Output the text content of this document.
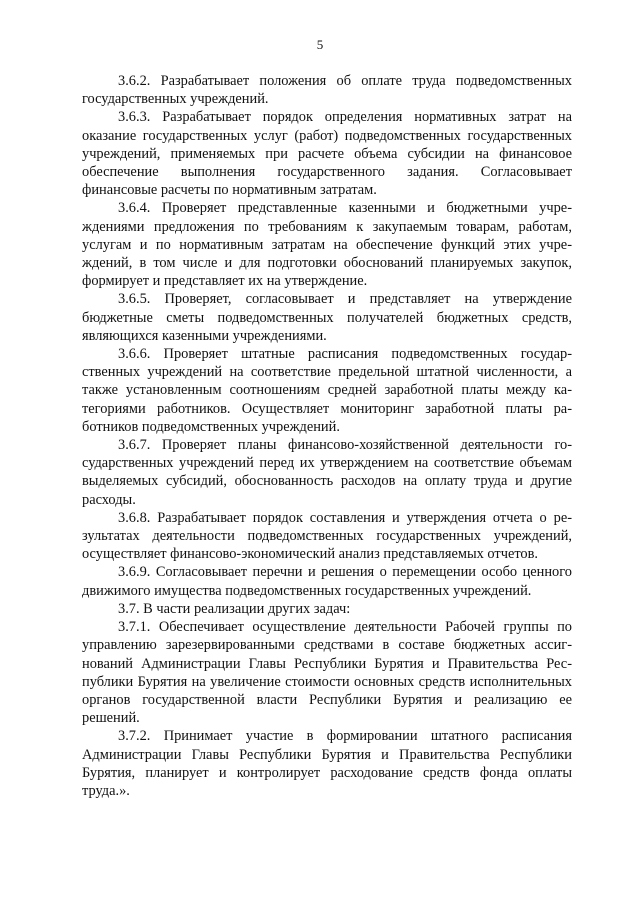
5

3.6.2. Разрабатывает положения об оплате труда подведомственных государственных учреждений.

3.6.3. Разрабатывает порядок определения нормативных затрат на оказание государственных услуг (работ) подведомственных государственных учреждений, применяемых при расчете объема субсидии на финансовое обеспечение выполнения государственного задания. Согласовывает финансовые расчеты по нормативным затратам.

3.6.4. Проверяет представленные казенными и бюджетными учреждениями предложения по требованиям к закупаемым товарам, работам, услугам и по нормативным затратам на обеспечение функций этих учреждений, в том числе и для подготовки обоснований планируемых закупок, формирует и представляет их на утверждение.

3.6.5. Проверяет, согласовывает и представляет на утверждение бюджетные сметы подведомственных получателей бюджетных средств, являющихся казенными учреждениями.

3.6.6. Проверяет штатные расписания подведомственных государственных учреждений на соответствие предельной штатной численности, а также установленным соотношениям средней заработной платы между категориями работников. Осуществляет мониторинг заработной платы работников подведомственных учреждений.

3.6.7. Проверяет планы финансово-хозяйственной деятельности государственных учреждений перед их утверждением на соответствие объемам выделяемых субсидий, обоснованность расходов на оплату труда и другие расходы.

3.6.8. Разрабатывает порядок составления и утверждения отчета о результатах деятельности подведомственных государственных учреждений, осуществляет финансово-экономический анализ представляемых отчетов.

3.6.9. Согласовывает перечни и решения о перемещении особо ценного движимого имущества подведомственных государственных учреждений.

3.7. В части реализации других задач:

3.7.1. Обеспечивает осуществление деятельности Рабочей группы по управлению зарезервированными средствами в составе бюджетных ассигнований Администрации Главы Республики Бурятия и Правительства Республики Бурятия на увеличение стоимости основных средств исполнительных органов государственной власти Республики Бурятия и реализацию ее решений.

3.7.2. Принимает участие в формировании штатного расписания Администрации Главы Республики Бурятия и Правительства Республики Бурятия, планирует и контролирует расходование средств фонда оплаты труда.».
